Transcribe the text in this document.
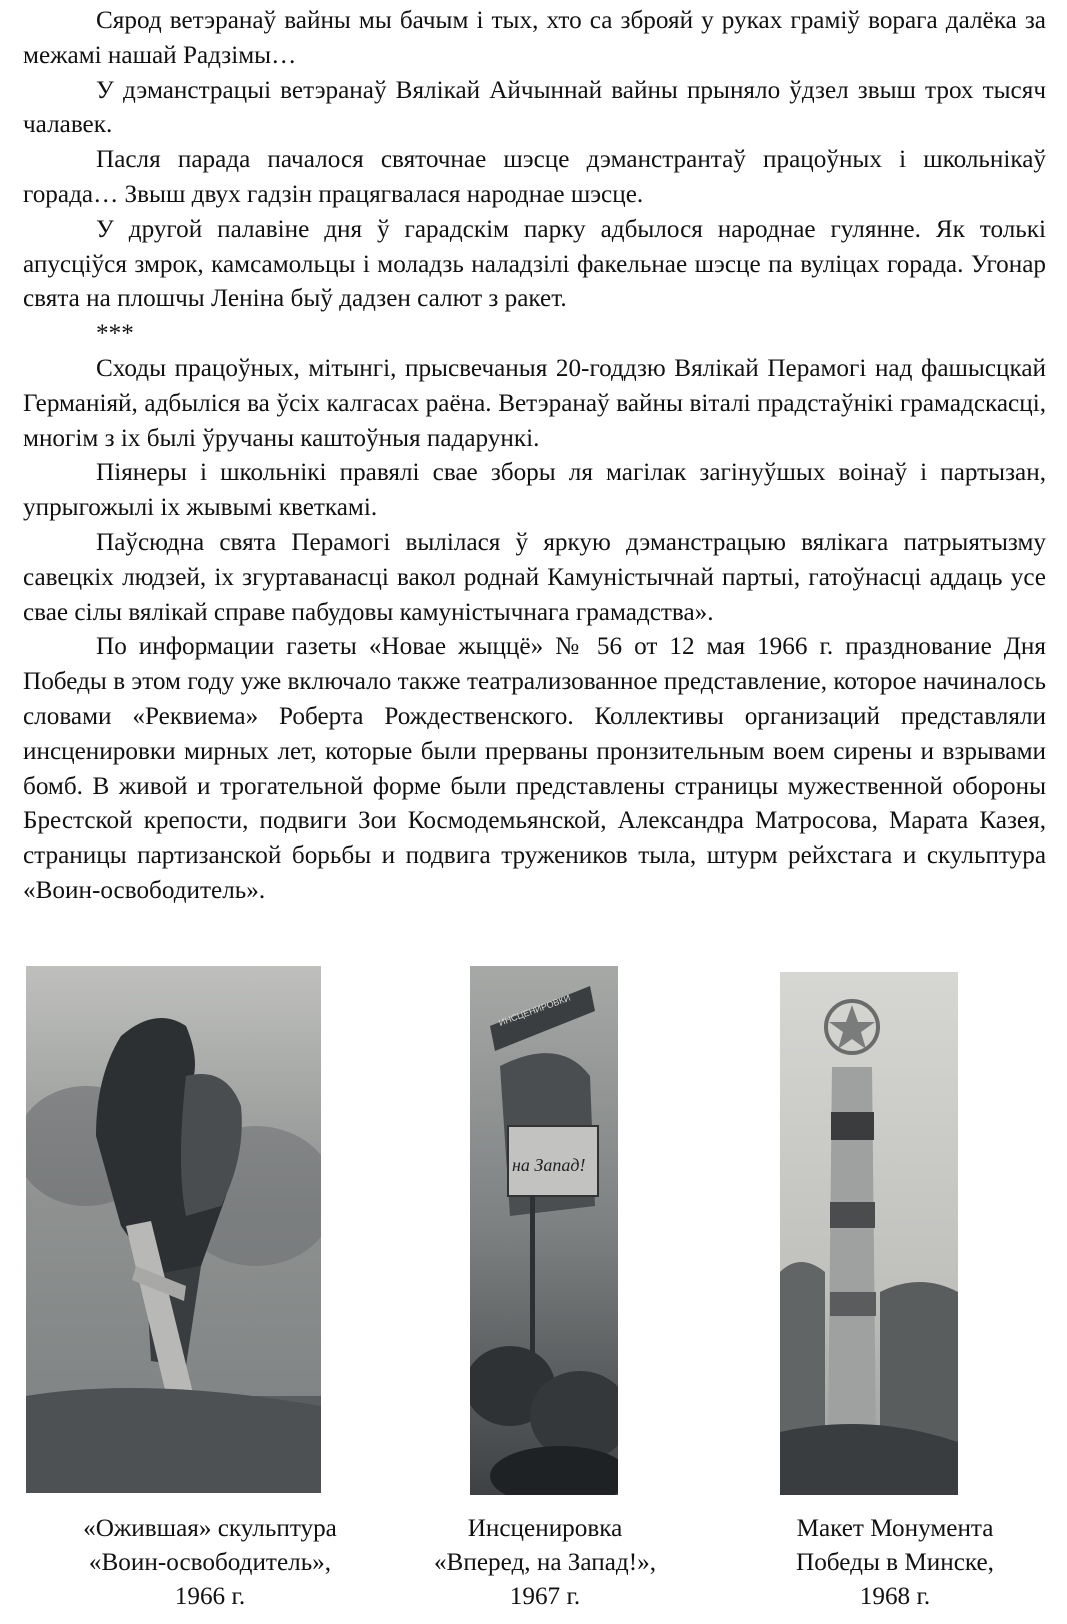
Сярод ветэранаў вайны мы бачым і тых, хто са зброяй у руках граміў ворага далёка за межамі нашай Радзімы…

У дэманстрацыі ветэранаў Вялікай Айчыннай вайны прыняло ўдзел звыш трох тысяч чалавек.

Пасля парада пачалося святочнае шэсце дэманстрантаў працоўных і школьнікаў горада… Звыш двух гадзін працягвалася народнае шэсце.

У другой палавіне дня ў гарадскім парку адбылося народнае гулянне. Як толькі апусціўся змрок, камсамольцы і моладзь наладзілі факельнае шэсце па вуліцах горада. Угонар свята на плошчы Леніна быў дадзен салют з ракет.

***

Сходы працоўных, мітынгі, прысвечаныя 20-годдзю Вялікай Перамогі над фашысцкай Германіяй, адбыліся ва ўсіх калгасах раёна. Ветэранаў вайны віталі прадстаўнікі грамадскасці, многім з іх былі ўручаны каштоўныя падарункі.

Піянеры і школьнікі правялі свае зборы ля магілак загінуўшых воінаў і партызан, упрыгожылі іх жывымі кветкамі.

Паўсюдна свята Перамогі вылілася ў яркую дэманстрацыю вялікага патрыятызму савецкіх людзей, іх згуртаванасці вакол роднай Камуністычнай партыі, гатоўнасці аддаць усе свае сілы вялікай справе пабудовы камуністычнага грамадства».

По информации газеты «Новае жыццё» № 56 от 12 мая 1966 г. празднование Дня Победы в этом году уже включало также театрализованное представление, которое начиналось словами «Реквиема» Роберта Рождественского. Коллективы организаций представляли инсценировки мирных лет, которые были прерваны пронзительным воем сирены и взрывами бомб. В живой и трогательной форме были представлены страницы мужественной обороны Брестской крепости, подвиги Зои Космодемьянской, Александра Матросова, Марата Казея, страницы партизанской борьбы и подвига тружеников тыла, штурм рейхстага и скульптура «Воин-освободитель».

ИНСЦЕНИРОВКИ
на Запад!
«Ожившая» скульптура
«Воин-освободитель»,
1966 г.
Инсценировка
«Вперед, на Запад!»,
1967 г.
Макет Монумента
Победы в Минске,
1968 г.
